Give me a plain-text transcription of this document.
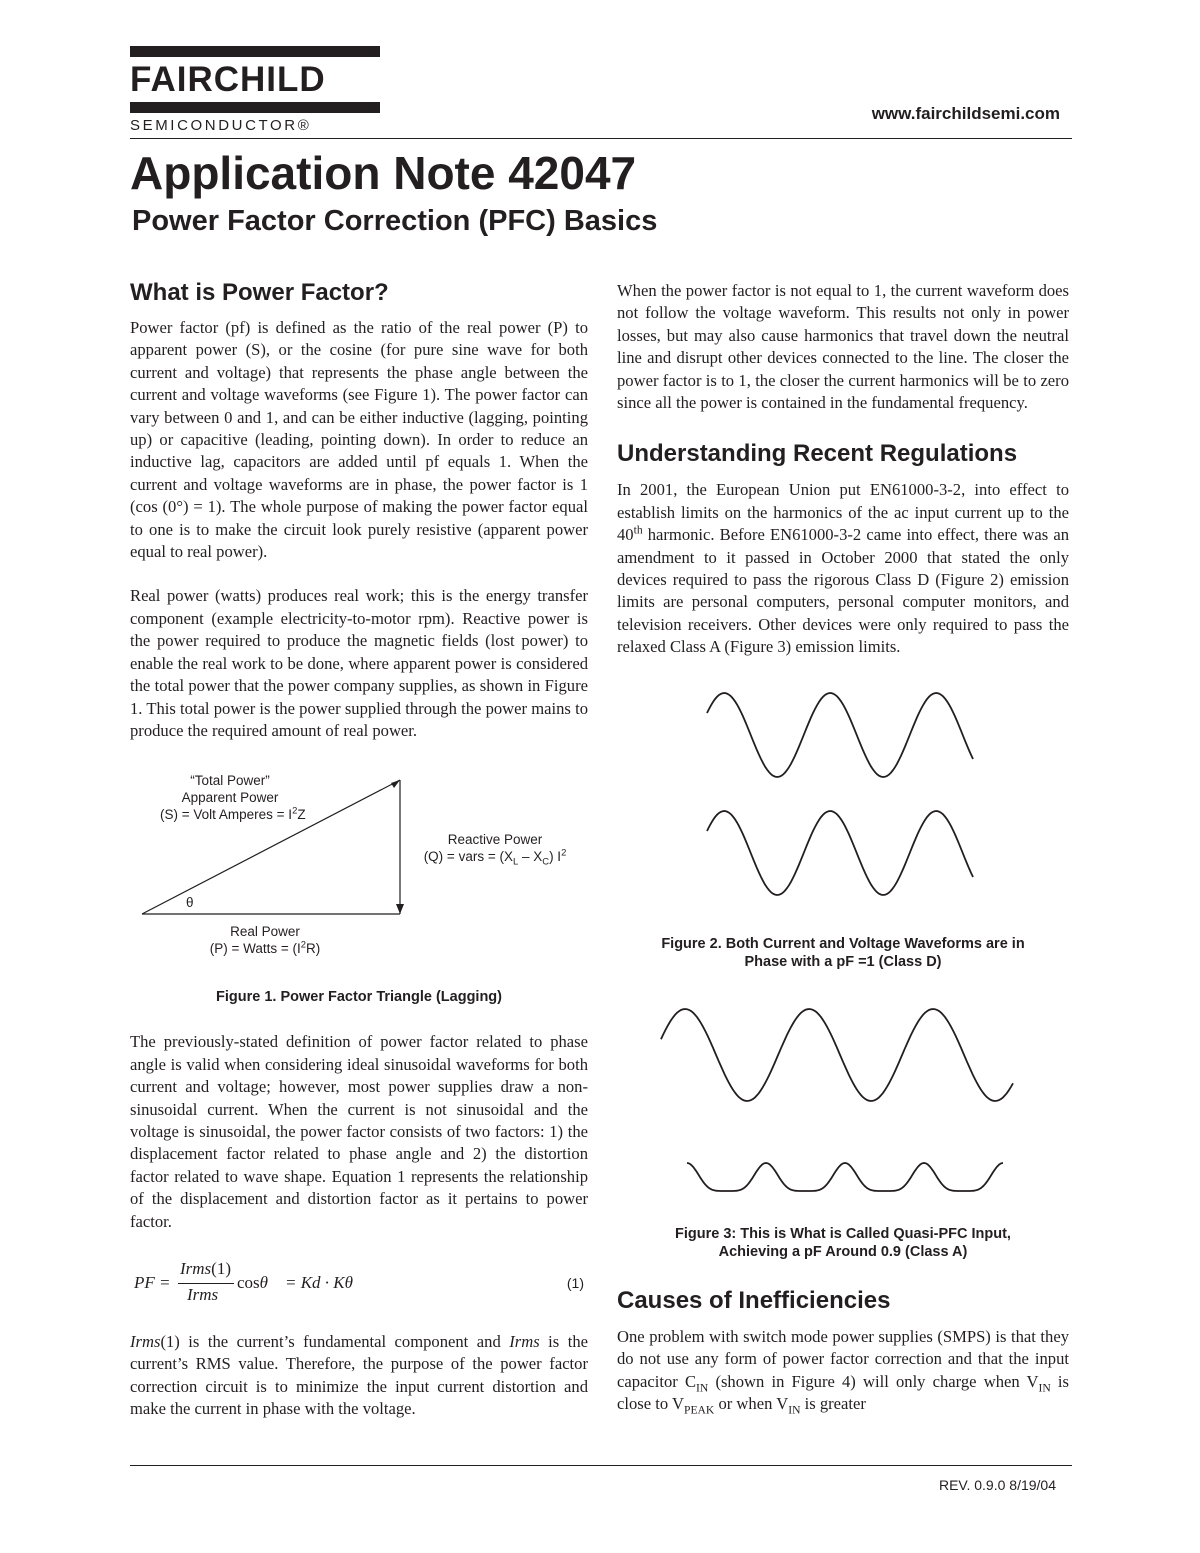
FAIRCHILD
SEMICONDUCTOR®
www.fairchildsemi.com
Application Note 42047
Power Factor Correction (PFC) Basics
What is Power Factor?

Power factor (pf) is defined as the ratio of the real power (P) to apparent power (S), or the cosine (for pure sine wave for both current and voltage) that represents the phase angle between the current and voltage waveforms (see Figure 1). The power factor can vary between 0 and 1, and can be either inductive (lagging, pointing up) or capacitive (leading, pointing down). In order to reduce an inductive lag, capacitors are added until pf equals 1. When the current and voltage waveforms are in phase, the power factor is 1 (cos (0°) = 1). The whole purpose of making the power factor equal to one is to make the circuit look purely resistive (apparent power equal to real power).

Real power (watts) produces real work; this is the energy transfer component (example electricity-to-motor rpm). Reactive power is the power required to produce the magnetic fields (lost power) to enable the real work to be done, where apparent power is considered the total power that the power company supplies, as shown in Figure 1. This total power is the power supplied through the power mains to produce the required amount of real power.

“Total Power”
Apparent Power
(S) = Volt Amperes = $I^2Z$
Reactive Power
(Q) = vars = $(X_L - X_C)$ $I^2$
θ
Real Power
(P) = Watts = $(I^2R)$

Figure 1. Power Factor Triangle (Lagging)

The previously-stated definition of power factor related to phase angle is valid when considering ideal sinusoidal waveforms for both current and voltage; however, most power supplies draw a non-sinusoidal current. When the current is not sinusoidal and the voltage is sinusoidal, the power factor consists of two factors: 1) the displacement factor related to phase angle and 2) the distortion factor related to wave shape. Equation 1 represents the relationship of the displacement and distortion factor as it pertains to power factor.

PF =
Irms(1)
Irms
cosθ = Kd · Kθ	(1)

Irms(1) is the current’s fundamental component and Irms is the current’s RMS value. Therefore, the purpose of the power factor correction circuit is to minimize the input current distortion and make the current in phase with the voltage.

When the power factor is not equal to 1, the current waveform does not follow the voltage waveform. This results not only in power losses, but may also cause harmonics that travel down the neutral line and disrupt other devices connected to the line. The closer the power factor is to 1, the closer the current harmonics will be to zero since all the power is contained in the fundamental frequency.

Understanding Recent Regulations

In 2001, the European Union put EN61000-3-2, into effect to establish limits on the harmonics of the ac input current up to the 40th harmonic. Before EN61000-3-2 came into effect, there was an amendment to it passed in October 2000 that stated the only devices required to pass the rigorous Class D (Figure 2) emission limits are personal computers, personal computer monitors, and television receivers. Other devices were only required to pass the relaxed Class A (Figure 3) emission limits.

Figure 2. Both Current and Voltage Waveforms are in
Phase with a pF =1 (Class D)

Figure 3: This is What is Called Quasi-PFC Input,
Achieving a pF Around 0.9 (Class A)

Causes of Inefficiencies

One problem with switch mode power supplies (SMPS) is that they do not use any form of power factor correction and that the input capacitor $C_{IN}$ (shown in Figure 4) will only charge when $V_{IN}$ is close to $V_{PEAK}$ or when $V_{IN}$ is greater

REV. 0.9.0 8/19/04
